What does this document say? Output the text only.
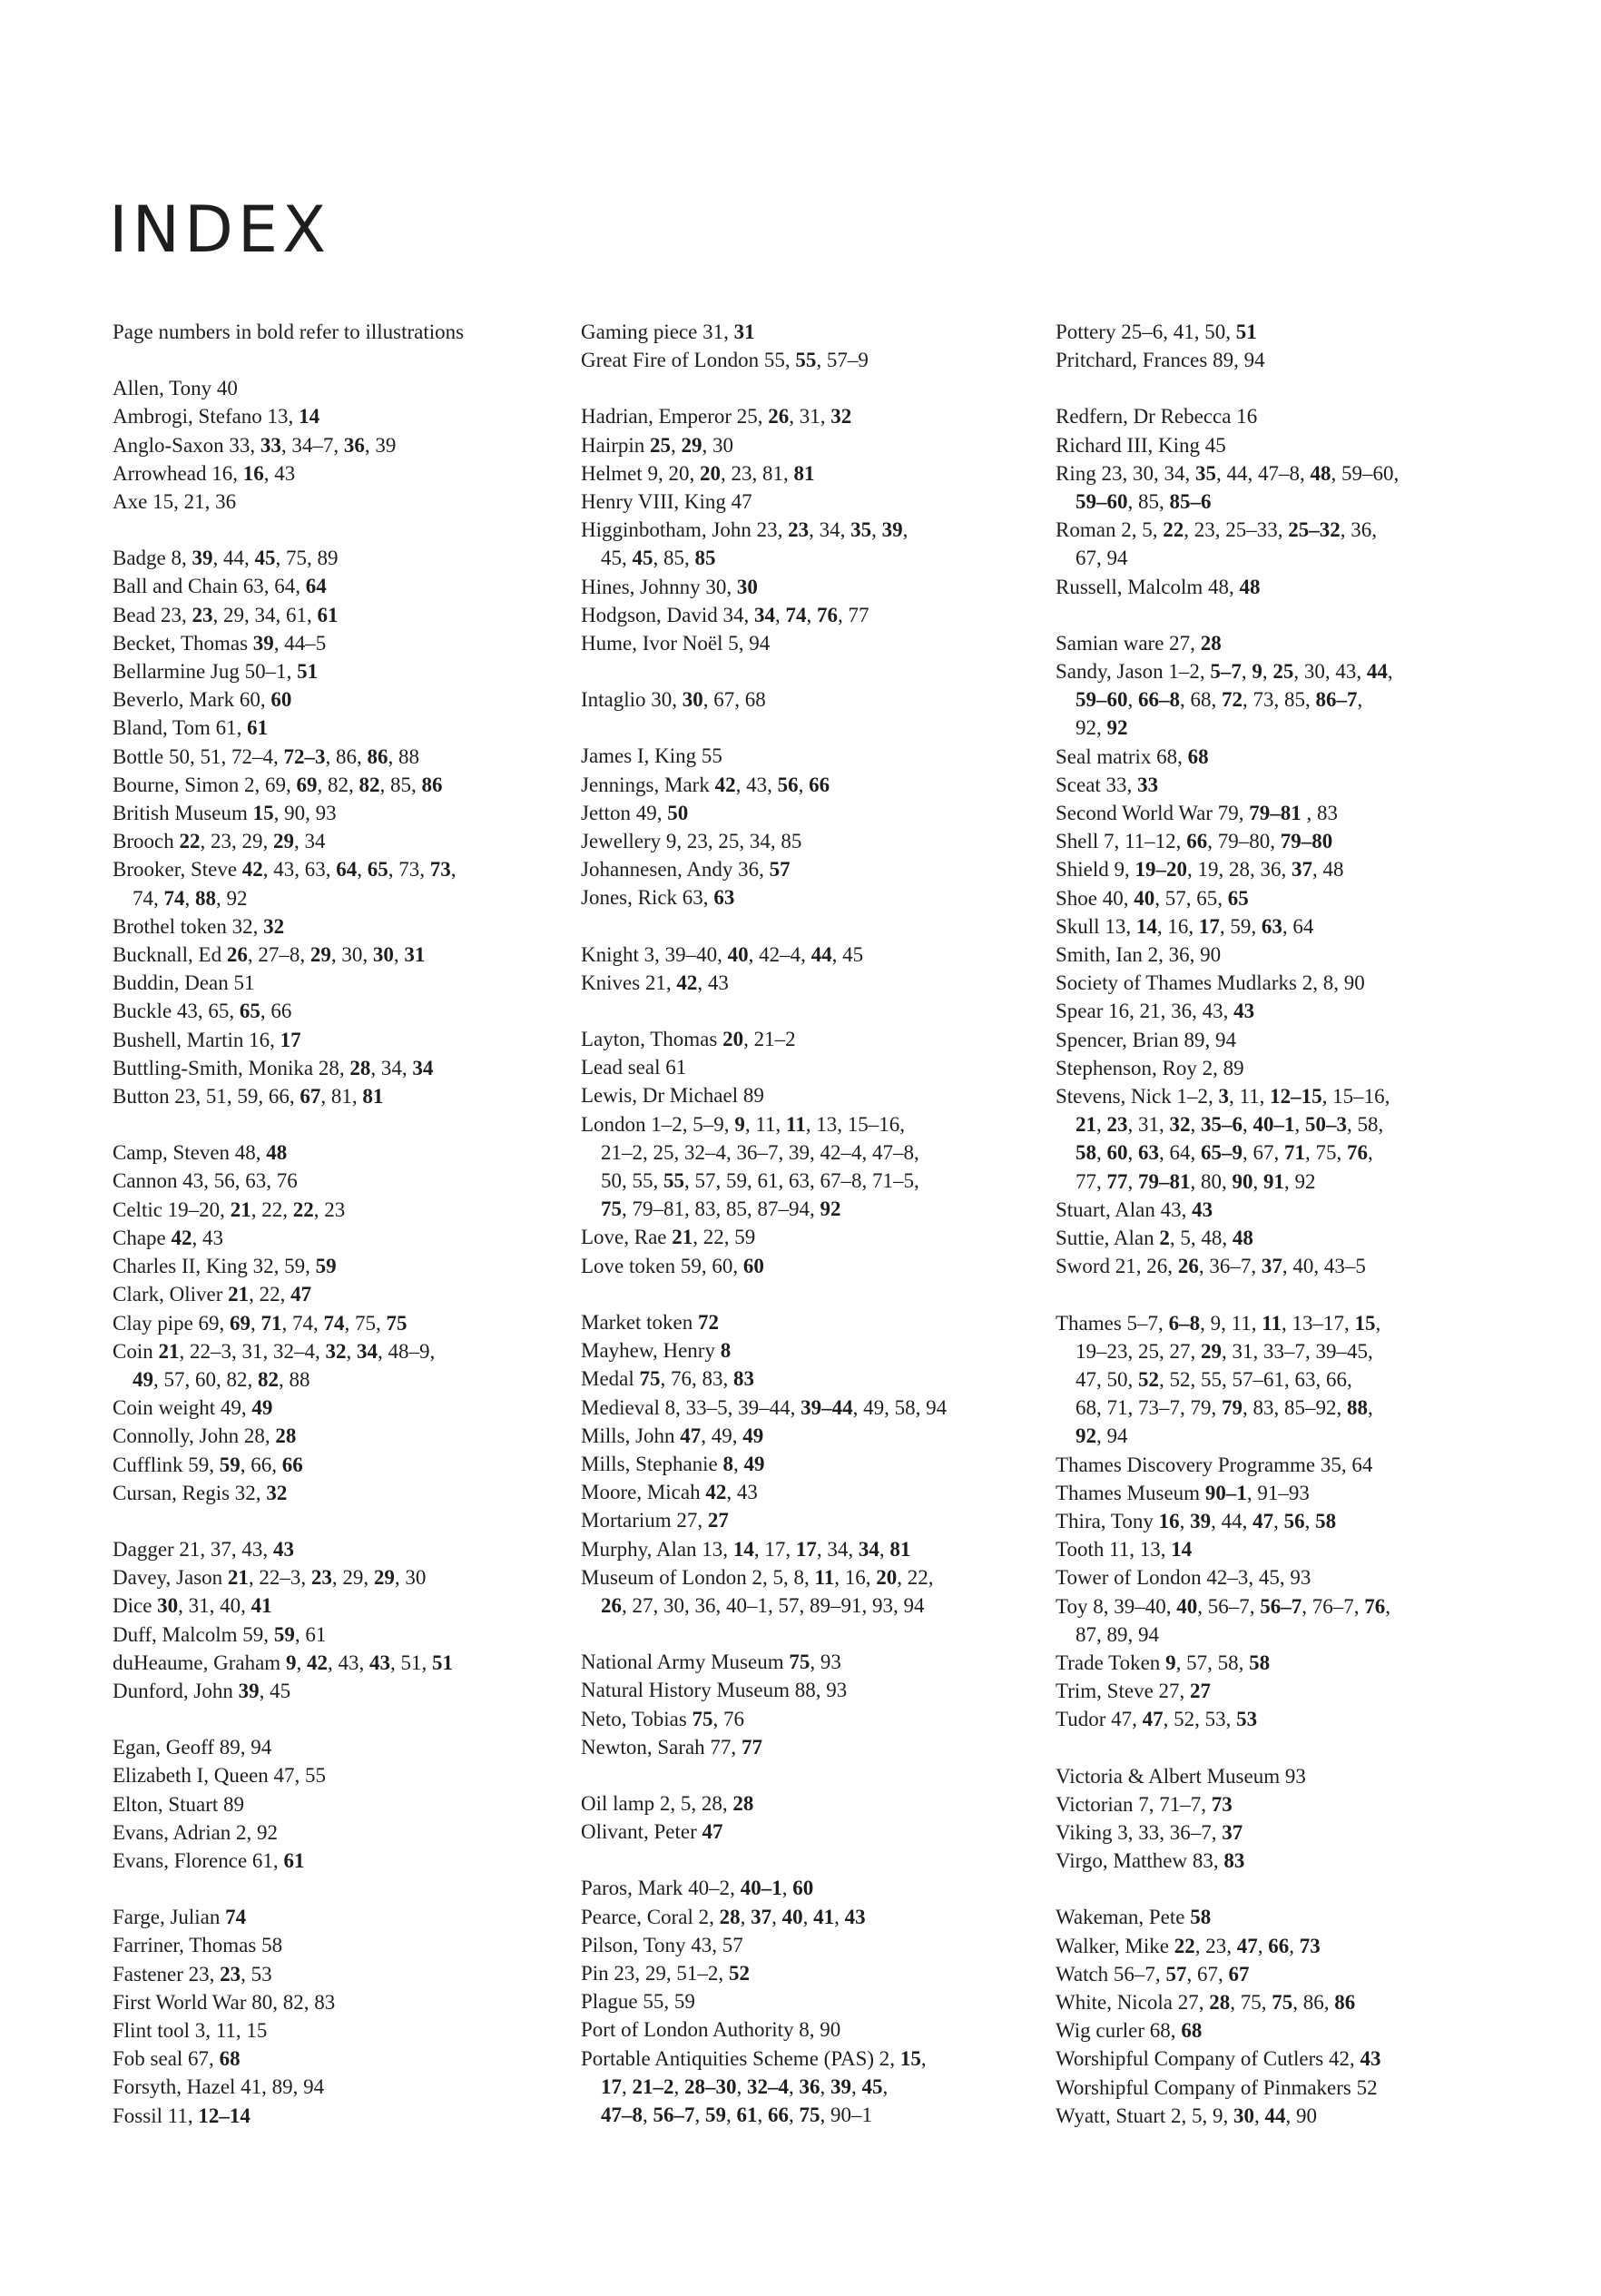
INDEX
Page numbers in bold refer to illustrations
Allen, Tony 40
Ambrogi, Stefano 13, 14
Anglo-Saxon 33, 33, 34–7, 36, 39
Arrowhead 16, 16, 43
Axe 15, 21, 36
Badge 8, 39, 44, 45, 75, 89
Ball and Chain 63, 64, 64
Bead 23, 23, 29, 34, 61, 61
Becket, Thomas 39, 44–5
Bellarmine Jug 50–1, 51
Beverlo, Mark 60, 60
Bland, Tom 61, 61
Bottle 50, 51, 72–4, 72–3, 86, 86, 88
Bourne, Simon 2, 69, 69, 82, 82, 85, 86
British Museum 15, 90, 93
Brooch 22, 23, 29, 29, 34
Brooker, Steve 42, 43, 63, 64, 65, 73, 73,
74, 74, 88, 92
Brothel token 32, 32
Bucknall, Ed 26, 27–8, 29, 30, 30, 31
Buddin, Dean 51
Buckle 43, 65, 65, 66
Bushell, Martin 16, 17
Buttling-Smith, Monika 28, 28, 34, 34
Button 23, 51, 59, 66, 67, 81, 81
Camp, Steven 48, 48
Cannon 43, 56, 63, 76
Celtic 19–20, 21, 22, 22, 23
Chape 42, 43
Charles II, King 32, 59, 59
Clark, Oliver 21, 22, 47
Clay pipe 69, 69, 71, 74, 74, 75, 75
Coin 21, 22–3, 31, 32–4, 32, 34, 48–9,
49, 57, 60, 82, 82, 88
Coin weight 49, 49
Connolly, John 28, 28
Cufflink 59, 59, 66, 66
Cursan, Regis 32, 32
Dagger 21, 37, 43, 43
Davey, Jason 21, 22–3, 23, 29, 29, 30
Dice 30, 31, 40, 41
Duff, Malcolm 59, 59, 61
duHeaume, Graham 9, 42, 43, 43, 51, 51
Dunford, John 39, 45
Egan, Geoff 89, 94
Elizabeth I, Queen 47, 55
Elton, Stuart 89
Evans, Adrian 2, 92
Evans, Florence 61, 61
Farge, Julian 74
Farriner, Thomas 58
Fastener 23, 23, 53
First World War 80, 82, 83
Flint tool 3, 11, 15
Fob seal 67, 68
Forsyth, Hazel 41, 89, 94
Fossil 11, 12–14
Gaming piece 31, 31
Great Fire of London 55, 55, 57–9
Hadrian, Emperor 25, 26, 31, 32
Hairpin 25, 29, 30
Helmet 9, 20, 20, 23, 81, 81
Henry VIII, King 47
Higginbotham, John 23, 23, 34, 35, 39,
45, 45, 85, 85
Hines, Johnny 30, 30
Hodgson, David 34, 34, 74, 76, 77
Hume, Ivor Noël 5, 94
Intaglio 30, 30, 67, 68
James I, King 55
Jennings, Mark 42, 43, 56, 66
Jetton 49, 50
Jewellery 9, 23, 25, 34, 85
Johannesen, Andy 36, 57
Jones, Rick 63, 63
Knight 3, 39–40, 40, 42–4, 44, 45
Knives 21, 42, 43
Layton, Thomas 20, 21–2
Lead seal 61
Lewis, Dr Michael 89
London 1–2, 5–9, 9, 11, 11, 13, 15–16,
21–2, 25, 32–4, 36–7, 39, 42–4, 47–8,
50, 55, 55, 57, 59, 61, 63, 67–8, 71–5,
75, 79–81, 83, 85, 87–94, 92
Love, Rae 21, 22, 59
Love token 59, 60, 60
Market token 72
Mayhew, Henry 8
Medal 75, 76, 83, 83
Medieval 8, 33–5, 39–44, 39–44, 49, 58, 94
Mills, John 47, 49, 49
Mills, Stephanie 8, 49
Moore, Micah 42, 43
Mortarium 27, 27
Murphy, Alan 13, 14, 17, 17, 34, 34, 81
Museum of London 2, 5, 8, 11, 16, 20, 22,
26, 27, 30, 36, 40–1, 57, 89–91, 93, 94
National Army Museum 75, 93
Natural History Museum 88, 93
Neto, Tobias 75, 76
Newton, Sarah 77, 77
Oil lamp 2, 5, 28, 28
Olivant, Peter 47
Paros, Mark 40–2, 40–1, 60
Pearce, Coral 2, 28, 37, 40, 41, 43
Pilson, Tony 43, 57
Pin 23, 29, 51–2, 52
Plague 55, 59
Port of London Authority 8, 90
Portable Antiquities Scheme (PAS) 2, 15,
17, 21–2, 28–30, 32–4, 36, 39, 45,
47–8, 56–7, 59, 61, 66, 75, 90–1
Pottery 25–6, 41, 50, 51
Pritchard, Frances 89, 94
Redfern, Dr Rebecca 16
Richard III, King 45
Ring 23, 30, 34, 35, 44, 47–8, 48, 59–60,
59–60, 85, 85–6
Roman 2, 5, 22, 23, 25–33, 25–32, 36,
67, 94
Russell, Malcolm 48, 48
Samian ware 27, 28
Sandy, Jason 1–2, 5–7, 9, 25, 30, 43, 44,
59–60, 66–8, 68, 72, 73, 85, 86–7,
92, 92
Seal matrix 68, 68
Sceat 33, 33
Second World War 79, 79–81 , 83
Shell 7, 11–12, 66, 79–80, 79–80
Shield 9, 19–20, 19, 28, 36, 37, 48
Shoe 40, 40, 57, 65, 65
Skull 13, 14, 16, 17, 59, 63, 64
Smith, Ian 2, 36, 90
Society of Thames Mudlarks 2, 8, 90
Spear 16, 21, 36, 43, 43
Spencer, Brian 89, 94
Stephenson, Roy 2, 89
Stevens, Nick 1–2, 3, 11, 12–15, 15–16,
21, 23, 31, 32, 35–6, 40–1, 50–3, 58,
58, 60, 63, 64, 65–9, 67, 71, 75, 76,
77, 77, 79–81, 80, 90, 91, 92
Stuart, Alan 43, 43
Suttie, Alan 2, 5, 48, 48
Sword 21, 26, 26, 36–7, 37, 40, 43–5
Thames 5–7, 6–8, 9, 11, 11, 13–17, 15,
19–23, 25, 27, 29, 31, 33–7, 39–45,
47, 50, 52, 52, 55, 57–61, 63, 66,
68, 71, 73–7, 79, 79, 83, 85–92, 88,
92, 94
Thames Discovery Programme 35, 64
Thames Museum 90–1, 91–93
Thira, Tony 16, 39, 44, 47, 56, 58
Tooth 11, 13, 14
Tower of London 42–3, 45, 93
Toy 8, 39–40, 40, 56–7, 56–7, 76–7, 76,
87, 89, 94
Trade Token 9, 57, 58, 58
Trim, Steve 27, 27
Tudor 47, 47, 52, 53, 53
Victoria & Albert Museum 93
Victorian 7, 71–7, 73
Viking 3, 33, 36–7, 37
Virgo, Matthew 83, 83
Wakeman, Pete 58
Walker, Mike 22, 23, 47, 66, 73
Watch 56–7, 57, 67, 67
White, Nicola 27, 28, 75, 75, 86, 86
Wig curler 68, 68
Worshipful Company of Cutlers 42, 43
Worshipful Company of Pinmakers 52
Wyatt, Stuart 2, 5, 9, 30, 44, 90
